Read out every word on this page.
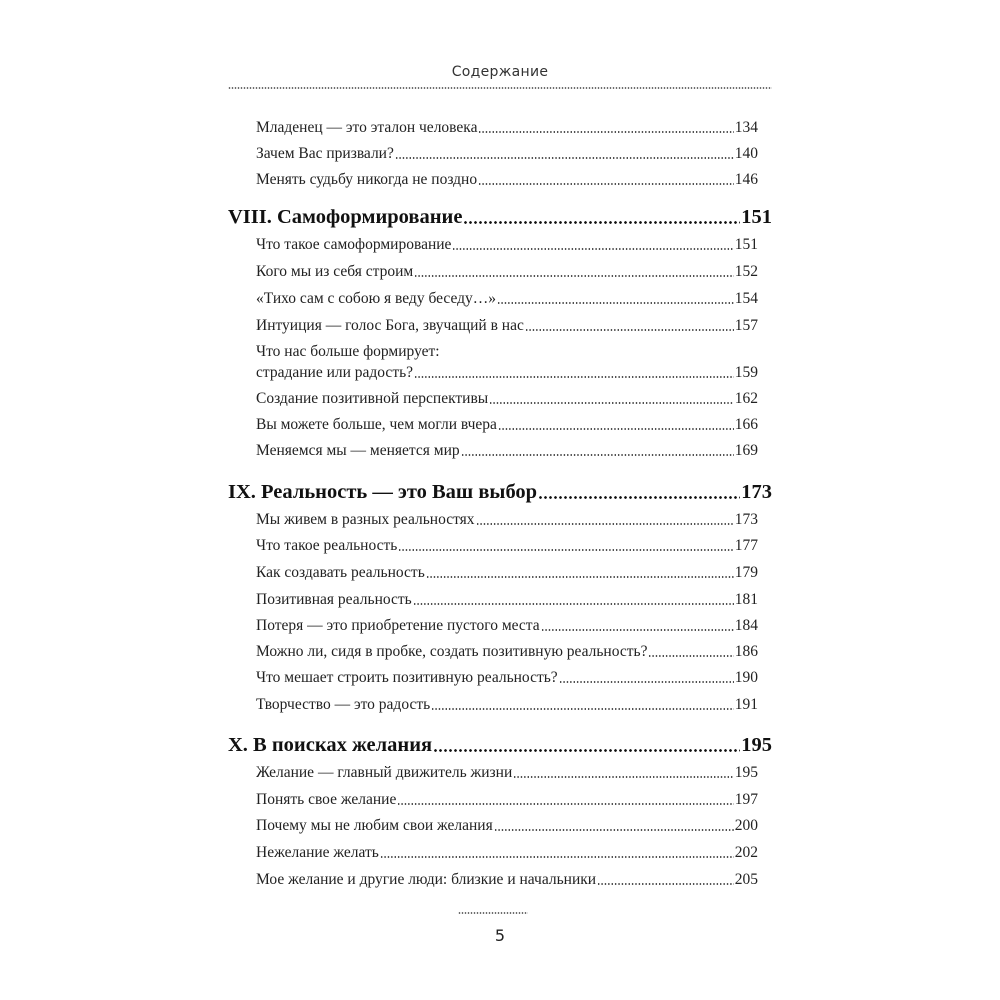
Содержание
Младенец — это эталон человека	134
Зачем Вас призвали?	140
Менять судьбу никогда не поздно	146
VIII. Самоформирование	151
Что такое самоформирование	151
Кого мы из себя строим	152
«Тихо сам с собою я веду беседу…»	154
Интуиция — голос Бога, звучащий в нас	157
Что нас больше формирует:
страдание или радость?	159
Создание позитивной перспективы	162
Вы можете больше, чем могли вчера	166
Меняемся мы — меняется мир	169
IX. Реальность — это Ваш выбор	173
Мы живем в разных реальностях	173
Что такое реальность	177
Как создавать реальность	179
Позитивная реальность	181
Потеря — это приобретение пустого места	184
Можно ли, сидя в пробке, создать позитивную реальность?	186
Что мешает строить позитивную реальность?	190
Творчество — это радость	191
X. В поисках желания	195
Желание — главный движитель жизни	195
Понять свое желание	197
Почему мы не любим свои желания	200
Нежелание желать	202
Мое желание и другие люди: близкие и начальники	205
5
